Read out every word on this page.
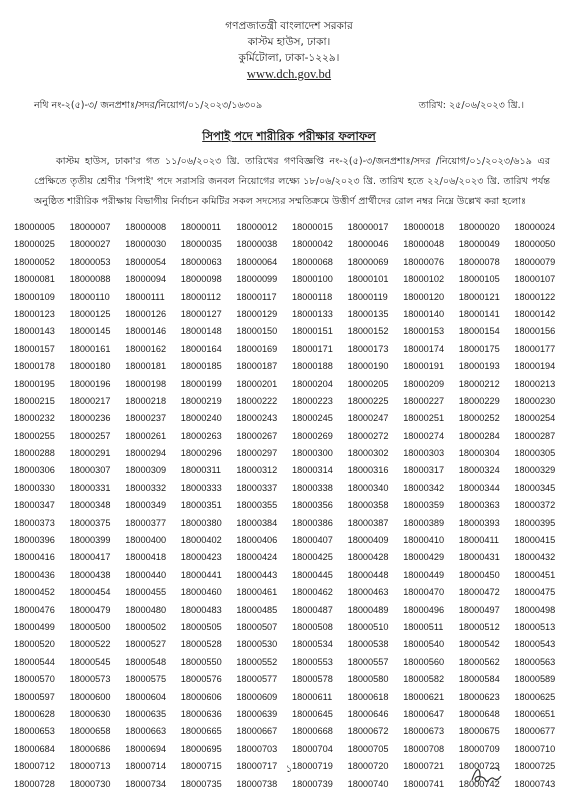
গণপ্রজাতন্ত্রী বাংলাদেশ সরকার
কাস্টম হাউস, ঢাকা।
কুর্মিটোলা, ঢাকা-১২২৯।
www.dch.gov.bd
নথি নং-২(৫)-৩/ জনপ্রশাঃ/সদর/নিয়োগ/০১/২০২৩/১৬৩০৯	তারিখ: ২৫/০৬/২০২৩ খ্রি.।
সিপাই পদে শারীরিক পরীক্ষার ফলাফল
কাস্টম হাউস, ঢাকা'র গত ১১/০৬/২০২৩ খ্রি. তারিখের গণবিজ্ঞপ্তি নং-২(৫)-৩/জনপ্রশাঃ/সদর /নিয়োগ/০১/২০২৩/৬১৯ এর প্রেক্ষিতে তৃতীয় শ্রেণীর 'সিপাই' পদে সরাসরি জনবল নিয়োগের লক্ষ্যে ১৮/০৬/২০২৩ খ্রি. তারিখ হতে ২২/০৬/২০২৩ খ্রি. তারিখ পর্যন্ত অনুষ্ঠিত শারীরিক পরীক্ষায় বিভাগীয় নির্বাচন কমিটির সকল সদস্যের সম্মতিক্রমে উত্তীর্ণ প্রার্থীদের রোল নম্বর নিম্নে উল্লেখ করা হলোঃ
18000005	18000007	18000008	18000011	18000012	18000015	18000017	18000018	18000020	18000024
18000025	18000027	18000030	18000035	18000038	18000042	18000046	18000048	18000049	18000050
18000052	18000053	18000054	18000063	18000064	18000068	18000069	18000076	18000078	18000079
18000081	18000088	18000094	18000098	18000099	18000100	18000101	18000102	18000105	18000107
18000109	18000110	18000111	18000112	18000117	18000118	18000119	18000120	18000121	18000122
18000123	18000125	18000126	18000127	18000129	18000133	18000135	18000140	18000141	18000142
18000143	18000145	18000146	18000148	18000150	18000151	18000152	18000153	18000154	18000156
18000157	18000161	18000162	18000164	18000169	18000171	18000173	18000174	18000175	18000177
18000178	18000180	18000181	18000185	18000187	18000188	18000190	18000191	18000193	18000194
18000195	18000196	18000198	18000199	18000201	18000204	18000205	18000209	18000212	18000213
18000215	18000217	18000218	18000219	18000222	18000223	18000225	18000227	18000229	18000230
18000232	18000236	18000237	18000240	18000243	18000245	18000247	18000251	18000252	18000254
18000255	18000257	18000261	18000263	18000267	18000269	18000272	18000274	18000284	18000287
18000288	18000291	18000294	18000296	18000297	18000300	18000302	18000303	18000304	18000305
18000306	18000307	18000309	18000311	18000312	18000314	18000316	18000317	18000324	18000329
18000330	18000331	18000332	18000333	18000337	18000338	18000340	18000342	18000344	18000345
18000347	18000348	18000349	18000351	18000355	18000356	18000358	18000359	18000363	18000372
18000373	18000375	18000377	18000380	18000384	18000386	18000387	18000389	18000393	18000395
18000396	18000399	18000400	18000402	18000406	18000407	18000409	18000410	18000411	18000415
18000416	18000417	18000418	18000423	18000424	18000425	18000428	18000429	18000431	18000432
18000436	18000438	18000440	18000441	18000443	18000445	18000448	18000449	18000450	18000451
18000452	18000454	18000455	18000460	18000461	18000462	18000463	18000470	18000472	18000475
18000476	18000479	18000480	18000483	18000485	18000487	18000489	18000496	18000497	18000498
18000499	18000500	18000502	18000505	18000507	18000508	18000510	18000511	18000512	18000513
18000520	18000522	18000527	18000528	18000530	18000534	18000538	18000540	18000542	18000543
18000544	18000545	18000548	18000550	18000552	18000553	18000557	18000560	18000562	18000563
18000570	18000573	18000575	18000576	18000577	18000578	18000580	18000582	18000584	18000589
18000597	18000600	18000604	18000606	18000609	18000611	18000618	18000621	18000623	18000625
18000628	18000630	18000635	18000636	18000639	18000645	18000646	18000647	18000648	18000651
18000653	18000658	18000663	18000665	18000667	18000668	18000672	18000673	18000675	18000677
18000684	18000686	18000694	18000695	18000703	18000704	18000705	18000708	18000709	18000710
18000712	18000713	18000714	18000715	18000717	18000719	18000720	18000721	18000723	18000725
18000728	18000730	18000734	18000735	18000738	18000739	18000740	18000741	18000742	18000743
১
